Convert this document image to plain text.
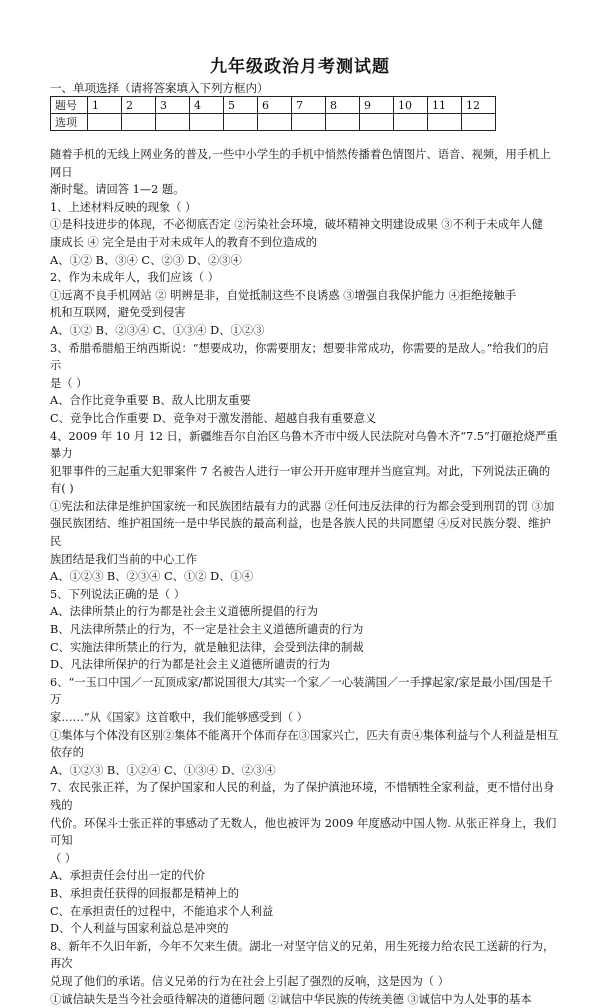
九年级政治月考测试题
一、单项选择（请将答案填入下列方框内）
题号	1	2	3	4	5	6	7	8	9	10	11	12
选项												

随着手机的无线上网业务的普及,一些中小学生的手机中悄然传播着色情图片、语音、视频，用手机上网日

渐时髦。请回答 1—2 题。

1、上述材料反映的现象（ ）

①是科技进步的体现，不必彻底否定 ②污染社会环境，破坏精神文明建设成果 ③不利于未成年人健

康成长 ④ 完全是由于对未成年人的教育不到位造成的

A、①② B、③④ C、②③ D、②③④

2、作为未成年人，我们应该（ ）

①远离不良手机网站 ② 明辨是非，自觉抵制这些不良诱惑 ③增强自我保护能力 ④拒绝接触手

机和互联网，避免受到侵害

A、①② B、②③④ C、①③④ D、①②③

3、希腊希腊船王纳西斯说：“想要成功，你需要朋友；想要非常成功，你需要的是敌人。”给我们的启示

是（ ）

A、合作比竞争重要 B、敌人比朋友重要

C、竞争比合作重要 D、竞争对于激发潜能、超越自我有重要意义

4、2009 年 10 月 12 日，新疆维吾尔自治区乌鲁木齐市中级人民法院对乌鲁木齐“7.5”打砸抢烧严重暴力

犯罪事件的三起重大犯罪案件 7 名被告人进行一审公开开庭审理并当庭宣判。对此，下列说法正确的有( )

①宪法和法律是维护国家统一和民族团结最有力的武器 ②任何违反法律的行为都会受到刑罚的罚 ③加

强民族团结、维护祖国统一是中华民族的最高利益，也是各族人民的共同愿望 ④反对民族分裂、维护民

族团结是我们当前的中心工作

A、①②③ B、②③④ C、①② D、①④

5、下列说法正确的是（ ）

A、法律所禁止的行为都是社会主义道德所提倡的行为

B、凡法律所禁止的行为，不一定是社会主义道德所谴责的行为

C、实施法律所禁止的行为，就是触犯法律，会受到法律的制裁

D、凡法律所保护的行为都是社会主义道德所谴责的行为

6、“一玉口中国／一瓦顶成家/都说国很大/其实一个家／一心装满国／一手撑起家/家是最小国/国是千万

家……”从《国家》这首歌中，我们能够感受到（ ）

①集体与个体没有区别②集体不能离开个体而存在③国家兴亡，匹夫有责④集体利益与个人利益是相互

依存的

A、①②③ B、①②④ C、①③④ D、②③④

7、农民张正祥，为了保护国家和人民的利益，为了保护滇池环境，不惜牺牲全家利益，更不惜付出身残的

代价。环保斗士张正祥的事感动了无数人，他也被评为 2009 年度感动中国人物. 从张正祥身上，我们可知

（ ）

A、承担责任会付出一定的代价

B、承担责任获得的回报都是精神上的

C、在承担责任的过程中，不能追求个人利益

D、个人利益与国家利益总是冲突的

8、新年不久旧年新，今年不欠来生债。湖北一对坚守信义的兄弟，用生死接力给农民工送薪的行为，再次

兑现了他们的承诺。信义兄弟的行为在社会上引起了强烈的反响，这是因为（ ）

①诚信缺失是当今社会亟待解决的道德问题 ②诚信中华民族的传统美德 ③诚信中为人处事的基本
